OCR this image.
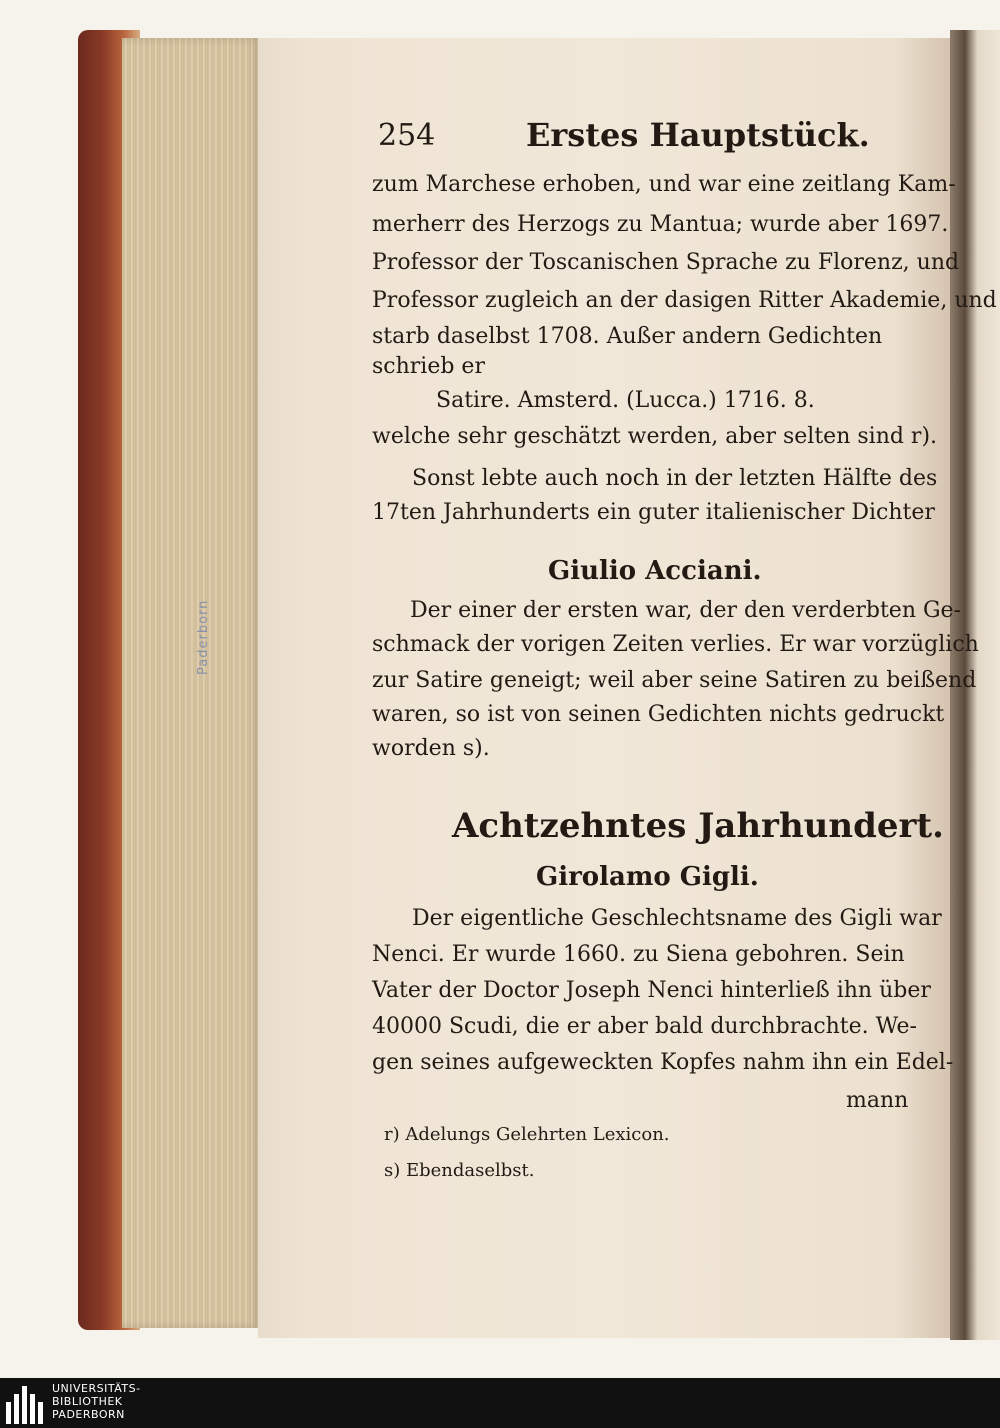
Paderborn
254	Erstes Hauptstück.
zum Marchese erhoben, und war eine zeitlang Kam-
merherr des Herzogs zu Mantua; wurde aber 1697.
Professor der Toscanischen Sprache zu Florenz, und
Professor zugleich an der dasigen Ritter Akademie, und
starb daselbst 1708. Außer andern Gedichten
schrieb er
Satire. Amsterd. (Lucca.) 1716. 8.
welche sehr geschätzt werden, aber selten sind r).
Sonst lebte auch noch in der letzten Hälfte des
17ten Jahrhunderts ein guter italienischer Dichter
Giulio Acciani.
Der einer der ersten war, der den verderbten Ge-
schmack der vorigen Zeiten verlies. Er war vorzüglich
zur Satire geneigt; weil aber seine Satiren zu beißend
waren, so ist von seinen Gedichten nichts gedruckt
worden s).
Achtzehntes Jahrhundert.
Girolamo Gigli.
Der eigentliche Geschlechtsname des Gigli war
Nenci. Er wurde 1660. zu Siena gebohren. Sein
Vater der Doctor Joseph Nenci hinterließ ihn über
40000 Scudi, die er aber bald durchbrachte. We-
gen seines aufgeweckten Kopfes nahm ihn ein Edel-
mann
r) Adelungs Gelehrten Lexicon.
s) Ebendaselbst.
UNIVERSITÄTS-
BIBLIOTHEK
PADERBORN
